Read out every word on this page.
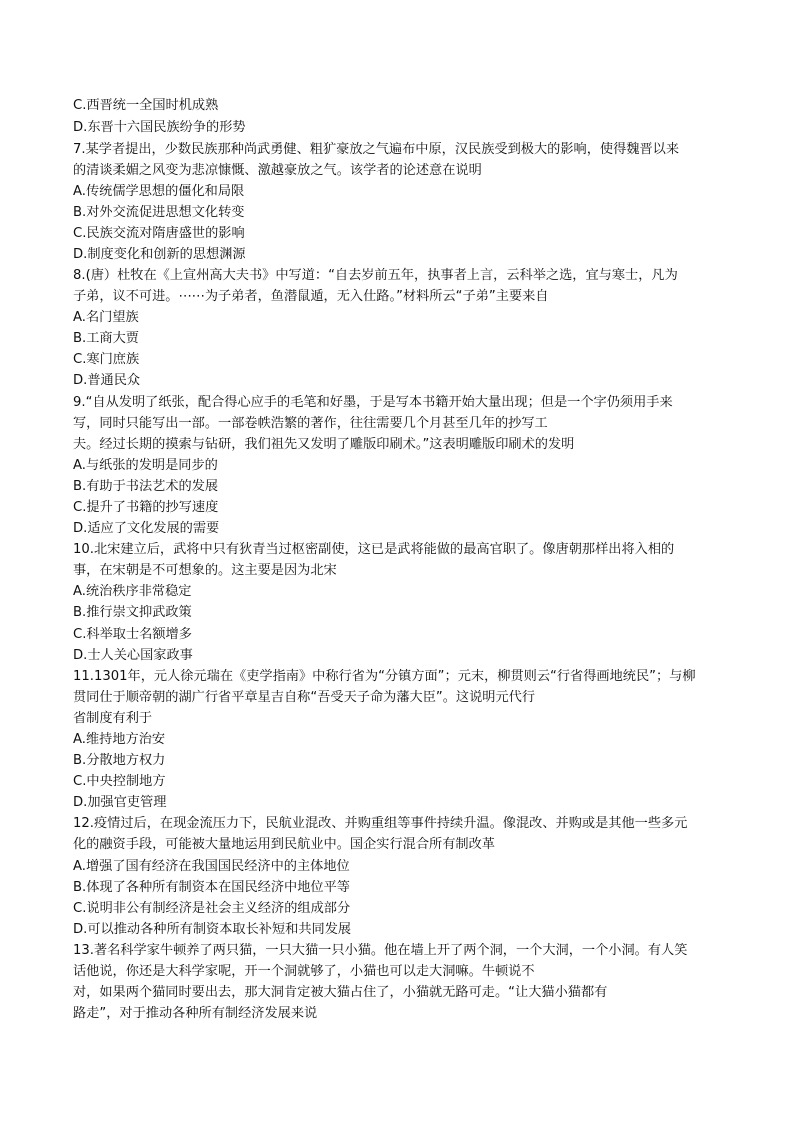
C.西晋统一全国时机成熟
D.东晋十六国民族纷争的形势
7.某学者提出，少数民族那种尚武勇健、粗犷豪放之气遍布中原，汉民族受到极大的影响，使得魏晋以来
的清谈柔媚之风变为悲凉慷慨、激越豪放之气。该学者的论述意在说明
A.传统儒学思想的僵化和局限
B.对外交流促进思想文化转变
C.民族交流对隋唐盛世的影响
D.制度变化和创新的思想渊源
8.(唐）杜牧在《上宣州高大夫书》中写道：“自去岁前五年，执事者上言，云科举之选，宜与寒士，凡为
子弟，议不可进。⋯⋯为子弟者，鱼潜鼠遁，无入仕路。”材料所云“子弟”主要来自
A.名门望族
B.工商大贾
C.寒门庶族
D.普通民众
9.“自从发明了纸张，配合得心应手的毛笔和好墨，于是写本书籍开始大量出现；但是一个字仍须用手来
写，同时只能写出一部。一部卷帙浩繁的著作，往往需要几个月甚至几年的抄写工
夫。经过长期的摸索与钻研，我们祖先又发明了雕版印刷术。”这表明雕版印刷术的发明
A.与纸张的发明是同步的
B.有助于书法艺术的发展
C.提升了书籍的抄写速度
D.适应了文化发展的需要
10.北宋建立后，武将中只有狄青当过枢密副使，这已是武将能做的最高官职了。像唐朝那样出将入相的
事，在宋朝是不可想象的。这主要是因为北宋
A.统治秩序非常稳定
B.推行崇文抑武政策
C.科举取士名额增多
D.士人关心国家政事
11.1301年，元人徐元瑞在《吏学指南》中称行省为“分镇方面”；元末，柳贯则云“行省得画地统民”；与柳
贯同仕于顺帝朝的湖广行省平章星吉自称“吾受天子命为藩大臣”。这说明元代行
省制度有利于
A.维持地方治安
B.分散地方权力
C.中央控制地方
D.加强官吏管理
12.疫情过后，在现金流压力下，民航业混改、并购重组等事件持续升温。像混改、并购或是其他一些多元
化的融资手段，可能被大量地运用到民航业中。国企实行混合所有制改革
A.增强了国有经济在我国国民经济中的主体地位
B.体现了各种所有制资本在国民经济中地位平等
C.说明非公有制经济是社会主义经济的组成部分
D.可以推动各种所有制资本取长补短和共同发展
13.著名科学家牛顿养了两只猫，一只大猫一只小猫。他在墙上开了两个洞，一个大洞，一个小洞。有人笑
话他说，你还是大科学家呢，开一个洞就够了，小猫也可以走大洞嘛。牛顿说不
对，如果两个猫同时要出去，那大洞肯定被大猫占住了，小猫就无路可走。“让大猫小猫都有
路走”，对于推动各种所有制经济发展来说
